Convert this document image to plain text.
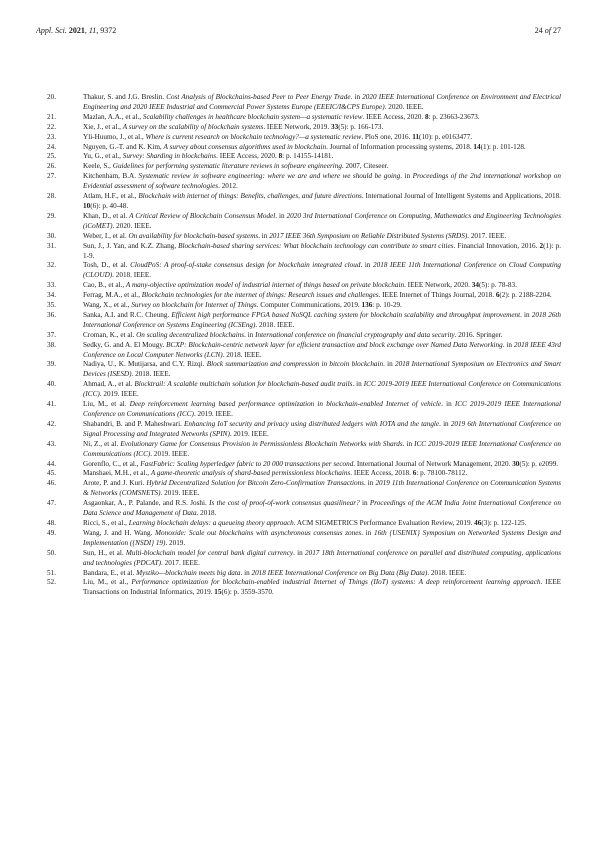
Appl. Sci. 2021, 11, 9372	24 of 27
20.	Thakur, S. and J.G. Breslin. Cost Analysis of Blockchains-based Peer to Peer Energy Trade. in 2020 IEEE International Conference on Environment and Electrical Engineering and 2020 IEEE Industrial and Commercial Power Systems Europe (EEEIC/I&CPS Europe). 2020. IEEE.
21.	Mazlan, A.A., et al., Scalability challenges in healthcare blockchain system—a systematic review. IEEE Access, 2020. 8: p. 23663-23673.
22.	Xie, J., et al., A survey on the scalability of blockchain systems. IEEE Network, 2019. 33(5): p. 166-173.
23.	Yli-Huumo, J., et al., Where is current research on blockchain technology?—a systematic review. PloS one, 2016. 11(10): p. e0163477.
24.	Nguyen, G.-T. and K. Kim, A survey about consensus algorithms used in blockchain. Journal of Information processing systems, 2018. 14(1): p. 101-128.
25.	Yu, G., et al., Survey: Sharding in blockchains. IEEE Access, 2020. 8: p. 14155-14181.
26.	Keele, S., Guidelines for performing systematic literature reviews in software engineering. 2007, Citeseer.
27.	Kitchenham, B.A. Systematic review in software engineering: where we are and where we should be going. in Proceedings of the 2nd international workshop on Evidential assessment of software technologies. 2012.
28.	Atlam, H.F., et al., Blockchain with internet of things: Benefits, challenges, and future directions. International Journal of Intelligent Systems and Applications, 2018. 10(6): p. 40-48.
29.	Khan, D., et al. A Critical Review of Blockchain Consensus Model. in 2020 3rd International Conference on Computing, Mathematics and Engineering Technologies (iCoMET). 2020. IEEE.
30.	Weber, I., et al. On availability for blockchain-based systems. in 2017 IEEE 36th Symposium on Reliable Distributed Systems (SRDS). 2017. IEEE.
31.	Sun, J., J. Yan, and K.Z. Zhang, Blockchain-based sharing services: What blockchain technology can contribute to smart cities. Financial Innovation, 2016. 2(1): p. 1-9.
32.	Tosh, D., et al. CloudPoS: A proof-of-stake consensus design for blockchain integrated cloud. in 2018 IEEE 11th International Conference on Cloud Computing (CLOUD). 2018. IEEE.
33.	Cao, B., et al., A many-objective optimization model of industrial internet of things based on private blockchain. IEEE Network, 2020. 34(5): p. 78-83.
34.	Ferrag, M.A., et al., Blockchain technologies for the internet of things: Research issues and challenges. IEEE Internet of Things Journal, 2018. 6(2): p. 2188-2204.
35.	Wang, X., et al., Survey on blockchain for Internet of Things. Computer Communications, 2019. 136: p. 10-29.
36.	Sanka, A.I. and R.C. Cheung. Efficient high performance FPGA based NoSQL caching system for blockchain scalability and throughput improvement. in 2018 26th International Conference on Systems Engineering (ICSEng). 2018. IEEE.
37.	Croman, K., et al. On scaling decentralized blockchains. in International conference on financial cryptography and data security. 2016. Springer.
38.	Sedky, G. and A. El Mougy. BCXP: Blockchain-centric network layer for efficient transaction and block exchange over Named Data Networking. in 2018 IEEE 43rd Conference on Local Computer Networks (LCN). 2018. IEEE.
39.	Nadiya, U., K. Mutijarsa, and C.Y. Rizqi. Block summarization and compression in bitcoin blockchain. in 2018 International Symposium on Electronics and Smart Devices (ISESD). 2018. IEEE.
40.	Ahmad, A., et al. Blocktrail: A scalable multichain solution for blockchain-based audit trails. in ICC 2019-2019 IEEE International Conference on Communications (ICC). 2019. IEEE.
41.	Liu, M., et al. Deep reinforcement learning based performance optimization in blockchain-enabled Internet of vehicle. in ICC 2019-2019 IEEE International Conference on Communications (ICC). 2019. IEEE.
42.	Shabandri, B. and P. Maheshwari. Enhancing IoT security and privacy using distributed ledgers with IOTA and the tangle. in 2019 6th International Conference on Signal Processing and Integrated Networks (SPIN). 2019. IEEE.
43.	Ni, Z., et al. Evolutionary Game for Consensus Provision in Permissionless Blockchain Networks with Shards. in ICC 2019-2019 IEEE International Conference on Communications (ICC). 2019. IEEE.
44.	Gorenflo, C., et al., FastFabric: Scaling hyperledger fabric to 20 000 transactions per second. International Journal of Network Management, 2020. 30(5): p. e2099.
45.	Manshaei, M.H., et al., A game-theoretic analysis of shard-based permissionless blockchains. IEEE Access, 2018. 6: p. 78100-78112.
46.	Arote, P. and J. Kuri. Hybrid Decentralized Solution for Bitcoin Zero-Confirmation Transactions. in 2019 11th International Conference on Communication Systems & Networks (COMSNETS). 2019. IEEE.
47.	Asgaonkar, A., P. Palande, and R.S. Joshi. Is the cost of proof-of-work consensus quasilinear? in Proceedings of the ACM India Joint International Conference on Data Science and Management of Data. 2018.
48.	Ricci, S., et al., Learning blockchain delays: a queueing theory approach. ACM SIGMETRICS Performance Evaluation Review, 2019. 46(3): p. 122-125.
49.	Wang, J. and H. Wang. Monoxide: Scale out blockchains with asynchronous consensus zones. in 16th {USENIX} Symposium on Networked Systems Design and Implementation ({NSDI} 19). 2019.
50.	Sun, H., et al. Multi-blockchain model for central bank digital currency. in 2017 18th International conference on parallel and distributed computing, applications and technologies (PDCAT). 2017. IEEE.
51.	Bandara, E., et al. Mystiko—blockchain meets big data. in 2018 IEEE International Conference on Big Data (Big Data). 2018. IEEE.
52.	Liu, M., et al., Performance optimization for blockchain-enabled industrial Internet of Things (IIoT) systems: A deep reinforcement learning approach. IEEE Transactions on Industrial Informatics, 2019. 15(6): p. 3559-3570.
